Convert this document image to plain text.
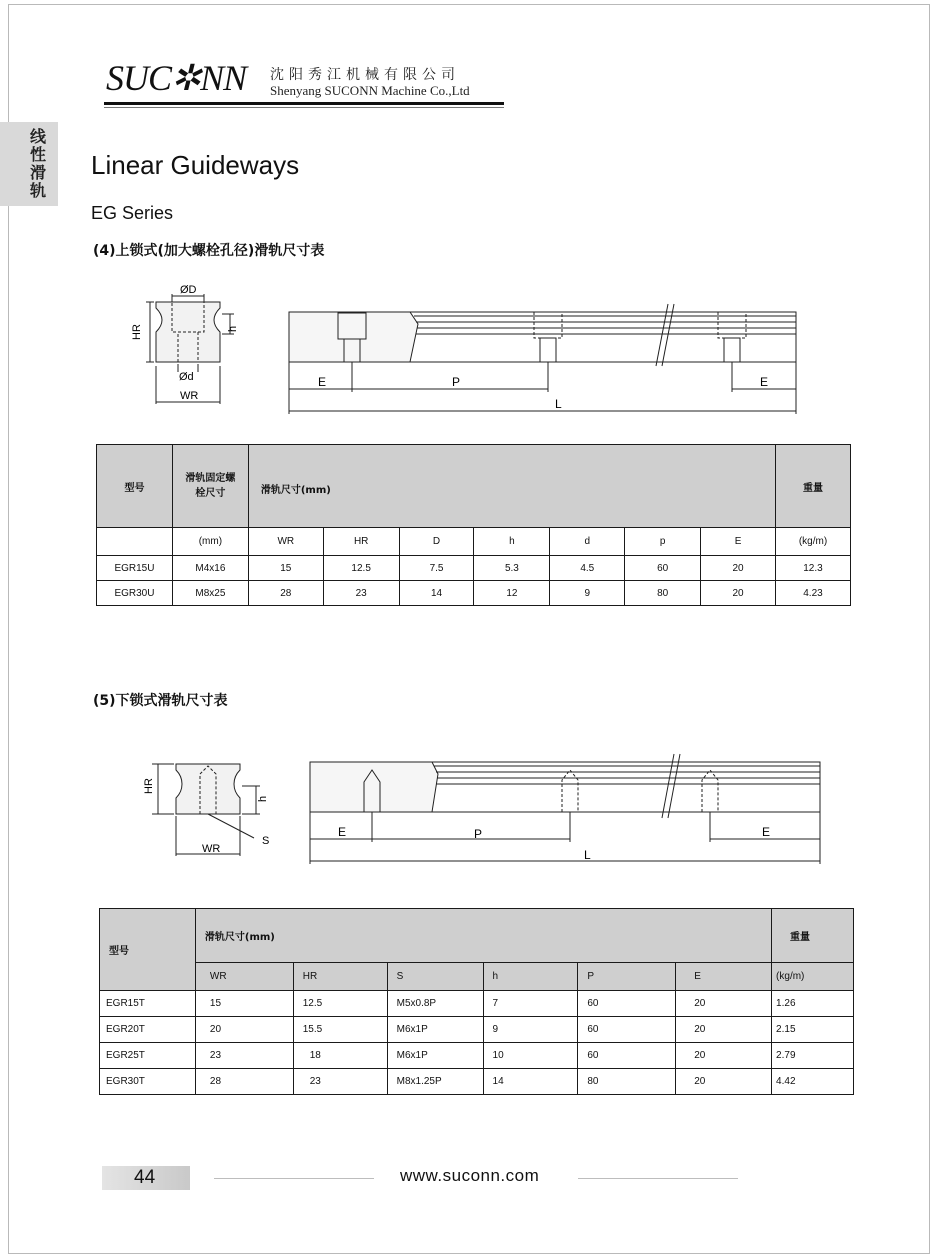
SUC✲NN 沈阳秀江机械有限公司
Shenyang SUCONN Machine Co.,Ltd
线性滑轨
Linear Guideways
EG Series
(4)上锁式(加大螺栓孔径)滑轨尺寸表
ØD
h
HR
Ød
WR
E	P	E
L
型号	滑轨固定螺栓尺寸	滑轨尺寸(mm)							重量
	(mm)	WR	HR	D	h	d	p	E	(kg/m)
EGR15U	M4x16	15	12.5	7.5	5.3	4.5	60	20	12.3
EGR30U	M8x25	28	23	14	12	9	80	20	4.23
(5)下锁式滑轨尺寸表
HR
h
S
WR
E	P	E
L
型号	滑轨尺寸(mm)						重量
	WR	HR	S	h	P	E	(kg/m)
EGR15T	15	12.5	M5x0.8P	7	60	20	1.26
EGR20T	20	15.5	M6x1P	9	60	20	2.15
EGR25T	23	18	M6x1P	10	60	20	2.79
EGR30T	28	23	M8x1.25P	14	80	20	4.42
44	www.suconn.com
